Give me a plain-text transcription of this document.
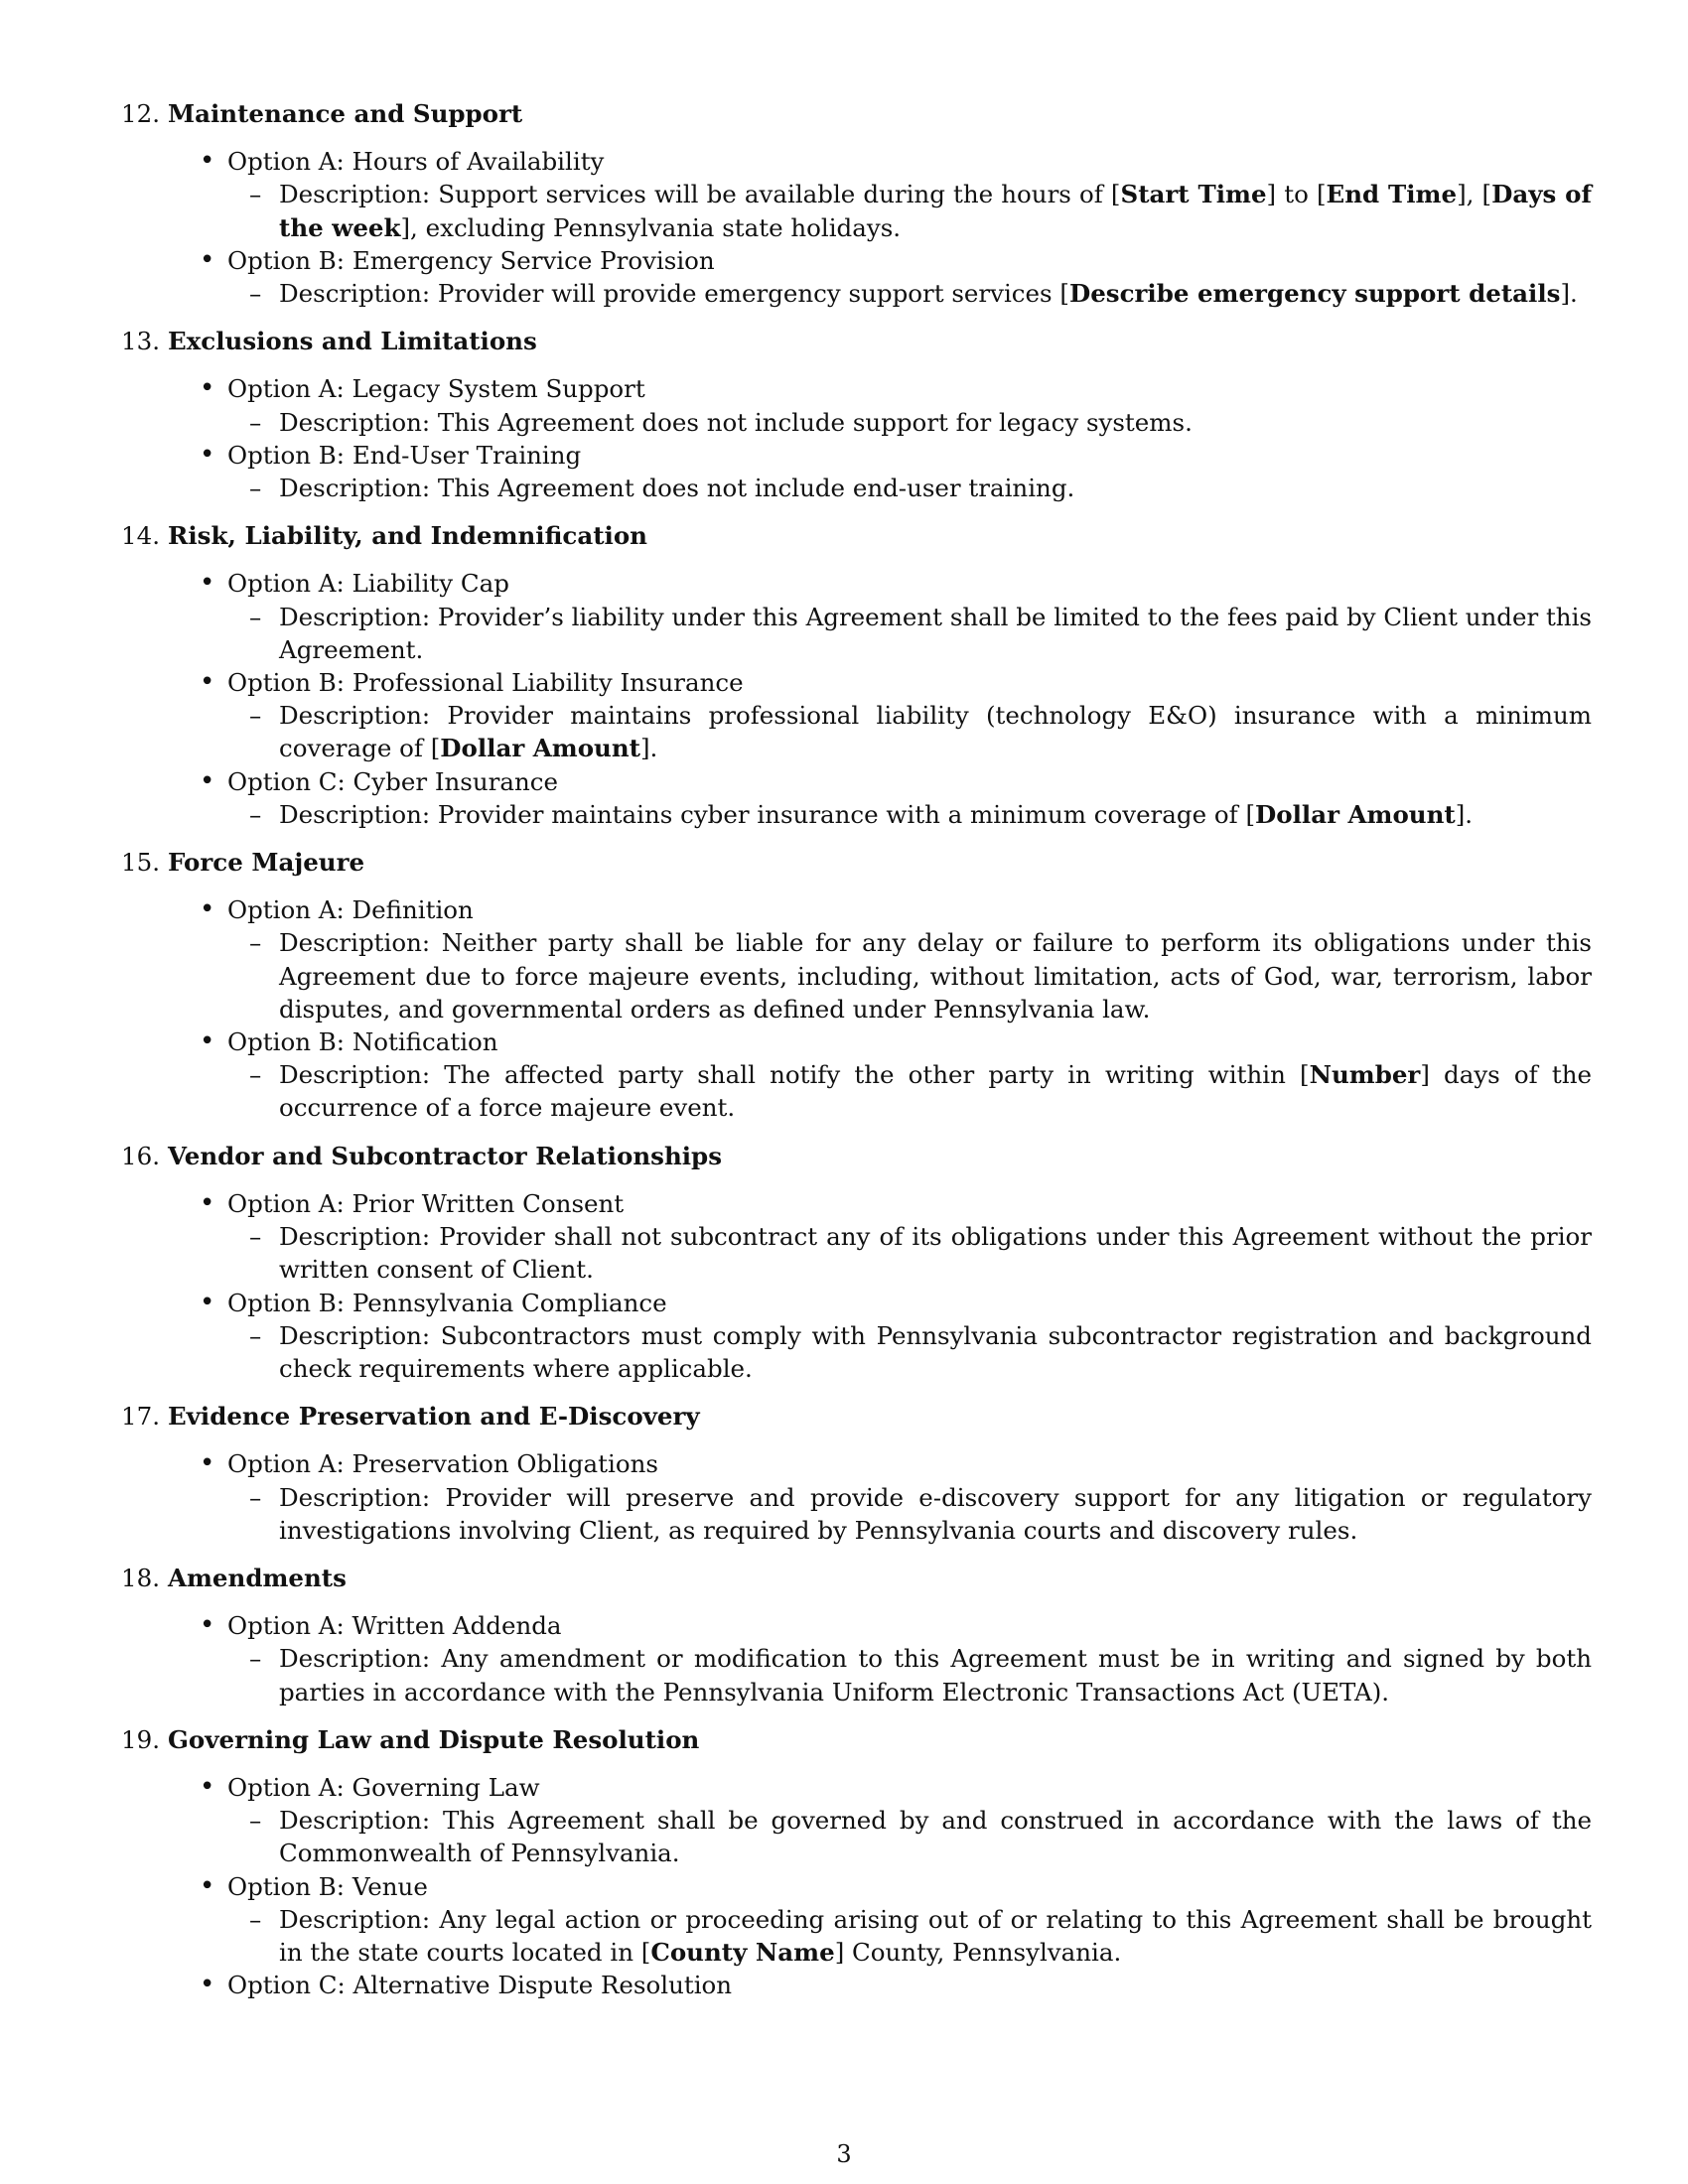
12. Maintenance and Support
• Option A: Hours of Availability
– Description: Support services will be available during the hours of [Start Time] to [End Time], [Days of the week], excluding Pennsylvania state holidays.
• Option B: Emergency Service Provision
– Description: Provider will provide emergency support services [Describe emergency support details].
13. Exclusions and Limitations
• Option A: Legacy System Support
– Description: This Agreement does not include support for legacy systems.
• Option B: End-User Training
– Description: This Agreement does not include end-user training.
14. Risk, Liability, and Indemnification
• Option A: Liability Cap
– Description: Provider’s liability under this Agreement shall be limited to the fees paid by Client under this Agreement.
• Option B: Professional Liability Insurance
– Description: Provider maintains professional liability (technology E&O) insurance with a minimum coverage of [Dollar Amount].
• Option C: Cyber Insurance
– Description: Provider maintains cyber insurance with a minimum coverage of [Dollar Amount].
15. Force Majeure
• Option A: Definition
– Description: Neither party shall be liable for any delay or failure to perform its obligations under this Agreement due to force majeure events, including, without limitation, acts of God, war, terrorism, labor disputes, and governmental orders as defined under Pennsylvania law.
• Option B: Notification
– Description: The affected party shall notify the other party in writing within [Number] days of the occurrence of a force majeure event.
16. Vendor and Subcontractor Relationships
• Option A: Prior Written Consent
– Description: Provider shall not subcontract any of its obligations under this Agreement without the prior written consent of Client.
• Option B: Pennsylvania Compliance
– Description: Subcontractors must comply with Pennsylvania subcontractor registration and background check requirements where applicable.
17. Evidence Preservation and E-Discovery
• Option A: Preservation Obligations
– Description: Provider will preserve and provide e-discovery support for any litigation or regulatory investigations involving Client, as required by Pennsylvania courts and discovery rules.
18. Amendments
• Option A: Written Addenda
– Description: Any amendment or modification to this Agreement must be in writing and signed by both parties in accordance with the Pennsylvania Uniform Electronic Transactions Act (UETA).
19. Governing Law and Dispute Resolution
• Option A: Governing Law
– Description: This Agreement shall be governed by and construed in accordance with the laws of the Commonwealth of Pennsylvania.
• Option B: Venue
– Description: Any legal action or proceeding arising out of or relating to this Agreement shall be brought in the state courts located in [County Name] County, Pennsylvania.
• Option C: Alternative Dispute Resolution
3
